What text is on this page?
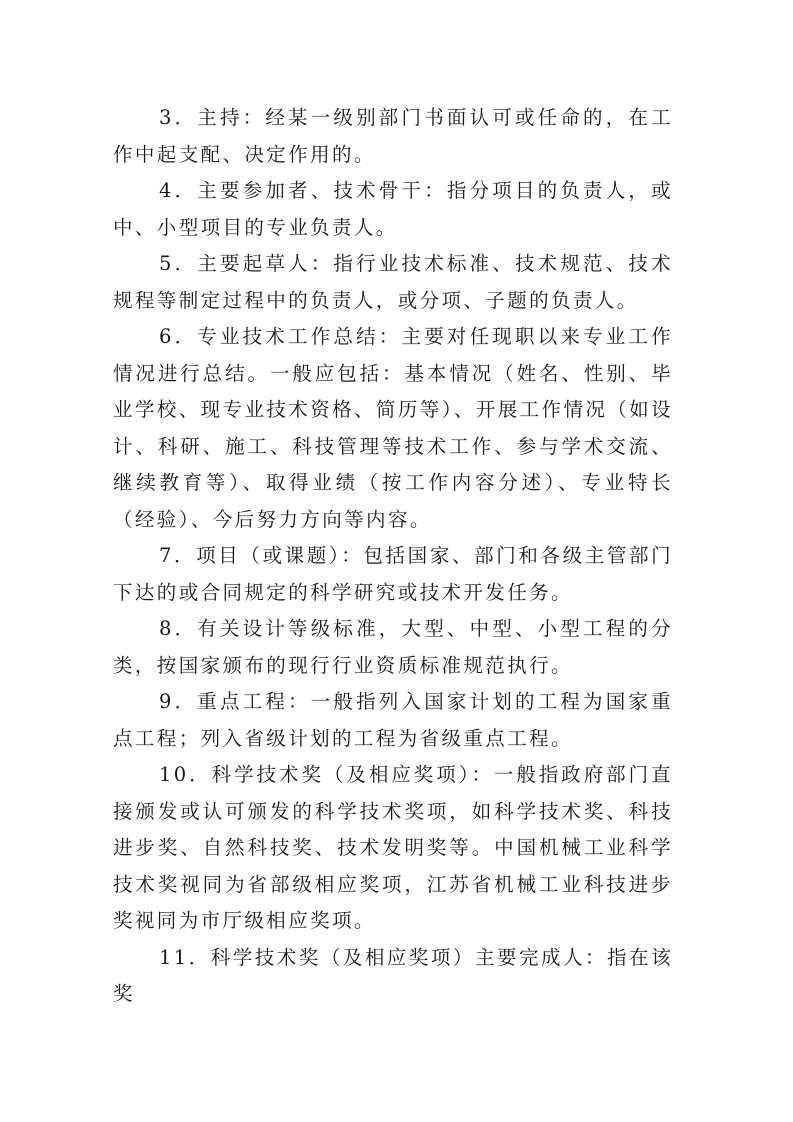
3．主持：经某一级别部门书面认可或任命的，在工作中起支配、决定作用的。

4．主要参加者、技术骨干：指分项目的负责人，或中、小型项目的专业负责人。

5．主要起草人：指行业技术标准、技术规范、技术规程等制定过程中的负责人，或分项、子题的负责人。

6．专业技术工作总结：主要对任现职以来专业工作情况进行总结。一般应包括：基本情况（姓名、性别、毕业学校、现专业技术资格、简历等）、开展工作情况（如设计、科研、施工、科技管理等技术工作、参与学术交流、继续教育等）、取得业绩（按工作内容分述）、专业特长（经验）、今后努力方向等内容。

7．项目（或课题）：包括国家、部门和各级主管部门下达的或合同规定的科学研究或技术开发任务。

8．有关设计等级标准，大型、中型、小型工程的分类，按国家颁布的现行行业资质标准规范执行。

9．重点工程：一般指列入国家计划的工程为国家重点工程；列入省级计划的工程为省级重点工程。

10．科学技术奖（及相应奖项）：一般指政府部门直接颁发或认可颁发的科学技术奖项，如科学技术奖、科技进步奖、自然科技奖、技术发明奖等。中国机械工业科学技术奖视同为省部级相应奖项，江苏省机械工业科技进步奖视同为市厅级相应奖项。

11．科学技术奖（及相应奖项）主要完成人：指在该奖
